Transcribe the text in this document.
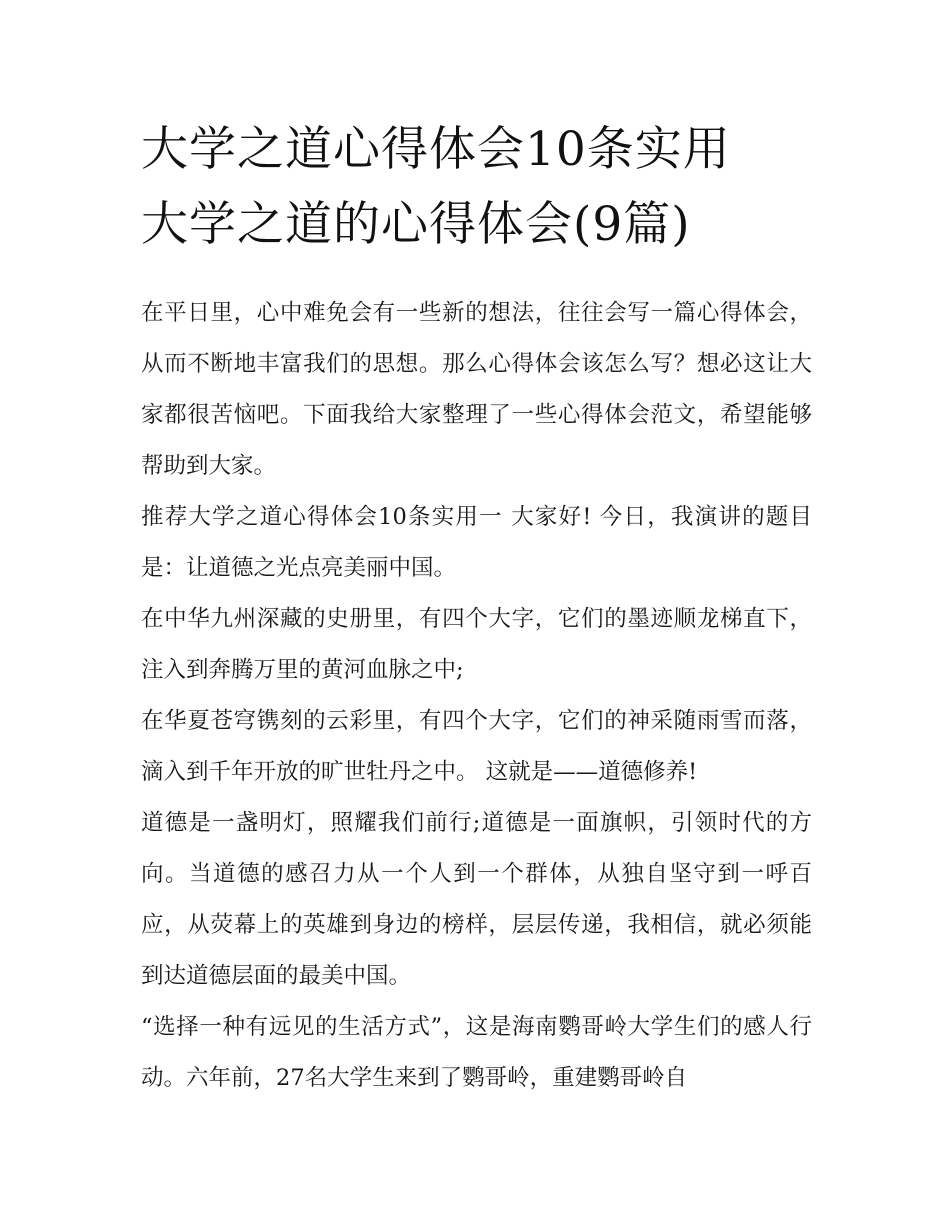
大学之道心得体会10条实用
大学之道的心得体会(9篇)

在平日里，心中难免会有一些新的想法，往往会写一篇心得体会，从而不断地丰富我们的思想。那么心得体会该怎么写？想必这让大家都很苦恼吧。下面我给大家整理了一些心得体会范文，希望能够帮助到大家。

推荐大学之道心得体会10条实用一 大家好! 今日，我演讲的题目是：让道德之光点亮美丽中国。

在中华九州深藏的史册里，有四个大字，它们的墨迹顺龙梯直下，注入到奔腾万里的黄河血脉之中;

在华夏苍穹镌刻的云彩里，有四个大字，它们的神采随雨雪而落，滴入到千年开放的旷世牡丹之中。 这就是——道德修养!

道德是一盏明灯，照耀我们前行;道德是一面旗帜，引领时代的方向。当道德的感召力从一个人到一个群体，从独自坚守到一呼百应，从荧幕上的英雄到身边的榜样，层层传递，我相信，就必须能到达道德层面的最美中国。

“选择一种有远见的生活方式”，这是海南鹦哥岭大学生们的感人行动。六年前，27名大学生来到了鹦哥岭，重建鹦哥岭自
